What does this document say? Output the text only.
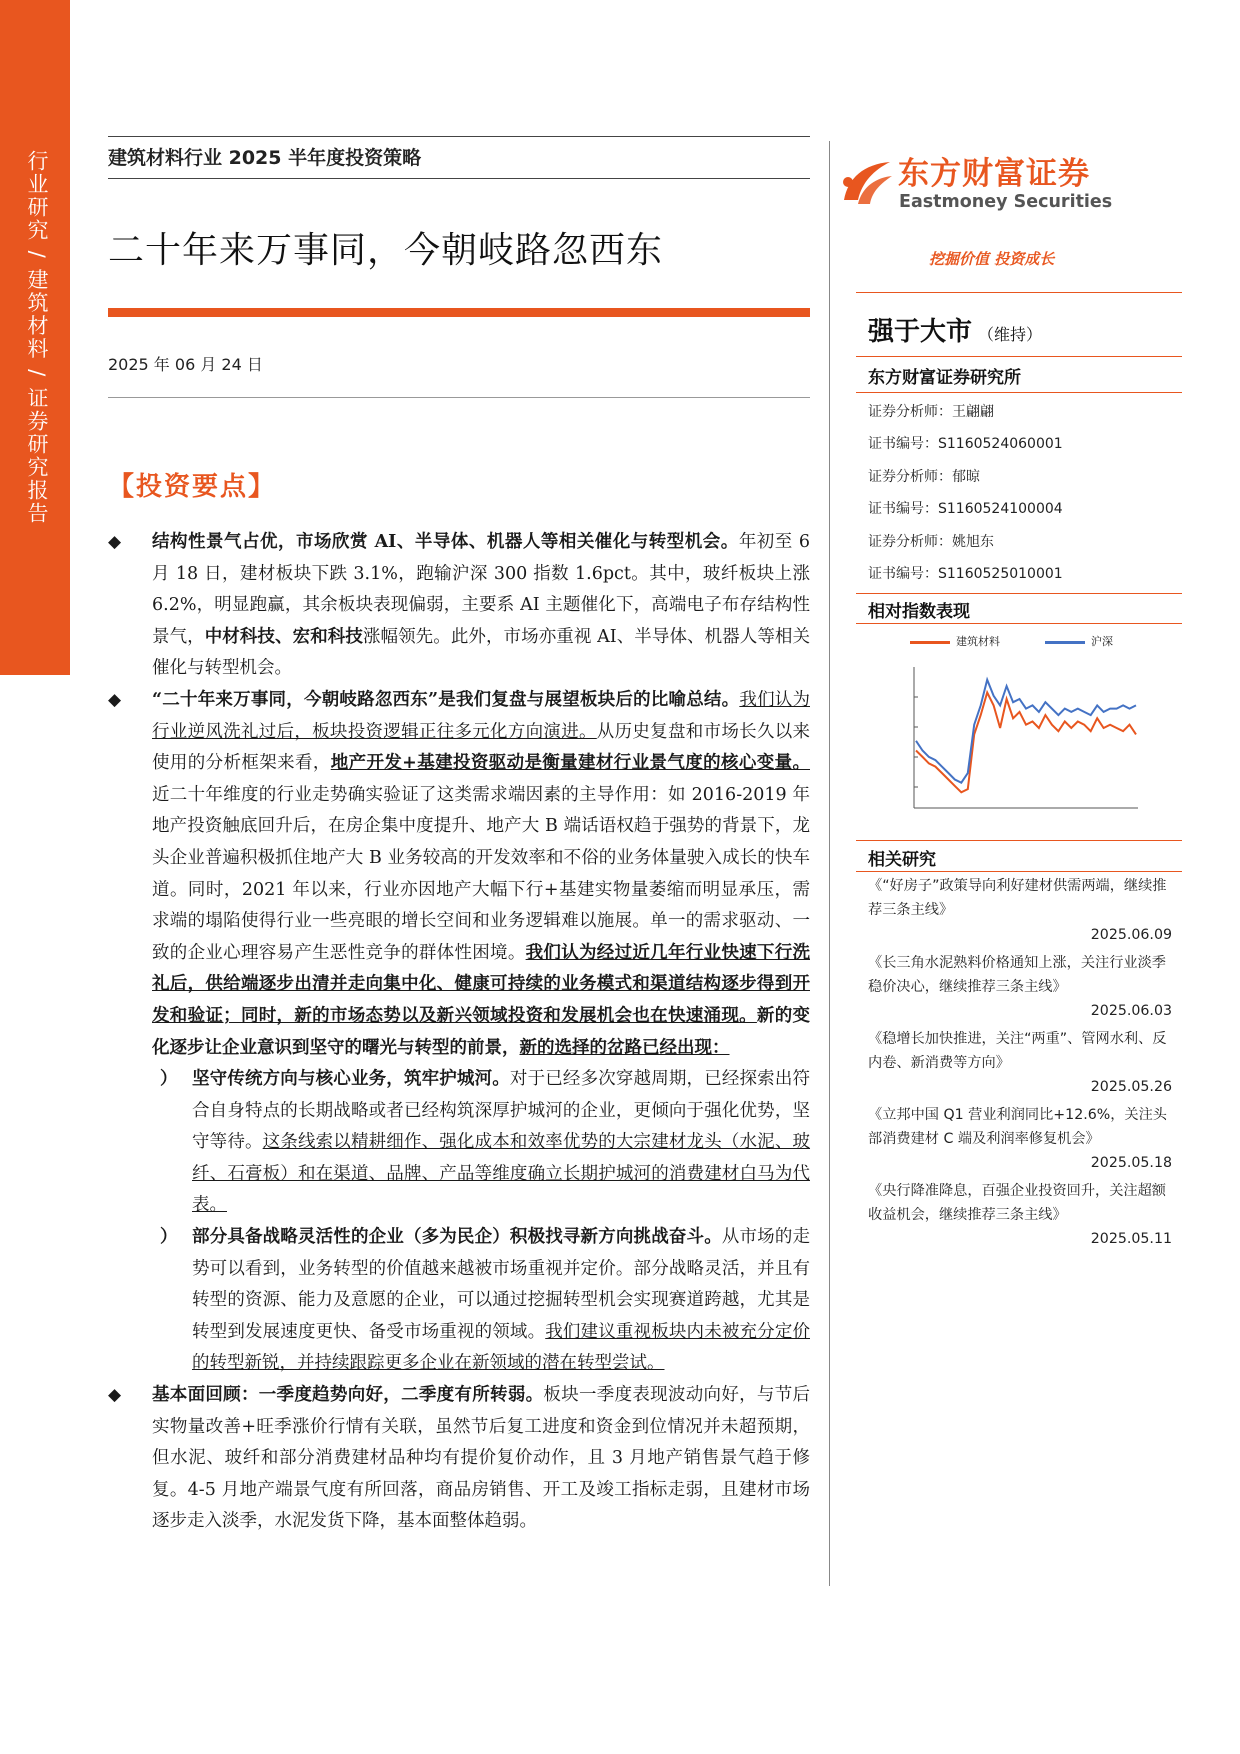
行业研究 / 建筑材料 / 证券研究报告	建筑材料行业 2025 半年度投资策略
二十年来万事同，今朝岐路忽西东
2025 年 06 月 24 日
【投资要点】
◆ 结构性景气占优，市场欣赏 AI、半导体、机器人等相关催化与转型机会。年初至 6 月 18 日，建材板块下跌 3.1%，跑输沪深 300 指数 1.6pct。其中，玻纤板块上涨 6.2%，明显跑赢，其余板块表现偏弱，主要系 AI 主题催化下，高端电子布存结构性景气，中材科技、宏和科技涨幅领先。此外，市场亦重视 AI、半导体、机器人等相关催化与转型机会。
◆ “二十年来万事同，今朝岐路忽西东”是我们复盘与展望板块后的比喻总结。我们认为行业逆风洗礼过后，板块投资逻辑正往多元化方向演进。从历史复盘和市场长久以来使用的分析框架来看，地产开发+基建投资驱动是衡量建材行业景气度的核心变量。近二十年维度的行业走势确实验证了这类需求端因素的主导作用：如 2016-2019 年地产投资触底回升后，在房企集中度提升、地产大 B 端话语权趋于强势的背景下，龙头企业普遍积极抓住地产大 B 业务较高的开发效率和不俗的业务体量驶入成长的快车道。同时，2021 年以来，行业亦因地产大幅下行+基建实物量萎缩而明显承压，需求端的塌陷使得行业一些亮眼的增长空间和业务逻辑难以施展。单一的需求驱动、一致的企业心理容易产生恶性竞争的群体性困境。我们认为经过近几年行业快速下行洗礼后，供给端逐步出清并走向集中化、健康可持续的业务模式和渠道结构逐步得到开发和验证；同时，新的市场态势以及新兴领域投资和发展机会也在快速涌现。新的变化逐步让企业意识到坚守的曙光与转型的前景，新的选择的岔路已经出现：
） 坚守传统方向与核心业务，筑牢护城河。对于已经多次穿越周期，已经探索出符合自身特点的长期战略或者已经构筑深厚护城河的企业，更倾向于强化优势，坚守等待。这条线索以精耕细作、强化成本和效率优势的大宗建材龙头（水泥、玻纤、石膏板）和在渠道、品牌、产品等维度确立长期护城河的消费建材白马为代表。
） 部分具备战略灵活性的企业（多为民企）积极找寻新方向挑战奋斗。从市场的走势可以看到，业务转型的价值越来越被市场重视并定价。部分战略灵活，并且有转型的资源、能力及意愿的企业，可以通过挖掘转型机会实现赛道跨越，尤其是转型到发展速度更快、备受市场重视的领域。我们建议重视板块内未被充分定价的转型新锐，并持续跟踪更多企业在新领域的潜在转型尝试。
◆ 基本面回顾：一季度趋势向好，二季度有所转弱。板块一季度表现波动向好，与节后实物量改善+旺季涨价行情有关联，虽然节后复工进度和资金到位情况并未超预期，但水泥、玻纤和部分消费建材品种均有提价复价动作，且 3 月地产销售景气趋于修复。4-5 月地产端景气度有所回落，商品房销售、开工及竣工指标走弱，且建材市场逐步走入淡季，水泥发货下降，基本面整体趋弱。
东方财富证券
Eastmoney Securities
挖掘价值 投资成长
强于大市 （维持）
东方财富证券研究所
证券分析师：王翩翩
证书编号：S1160524060001
证券分析师：郁晾
证书编号：S1160524100004
证券分析师：姚旭东
证书编号：S1160525010001
相对指数表现
建筑材料	沪深
相关研究
《“好房子”政策导向利好建材供需两端，继续推荐三条主线》
2025.06.09
《长三角水泥熟料价格通知上涨，关注行业淡季稳价决心，继续推荐三条主线》
2025.06.03
《稳增长加快推进，关注“两重”、管网水利、反内卷、新消费等方向》
2025.05.26
《立邦中国 Q1 营业利润同比+12.6%，关注头部消费建材 C 端及利润率修复机会》
2025.05.18
《央行降准降息，百强企业投资回升，关注超额收益机会，继续推荐三条主线》
2025.05.11
